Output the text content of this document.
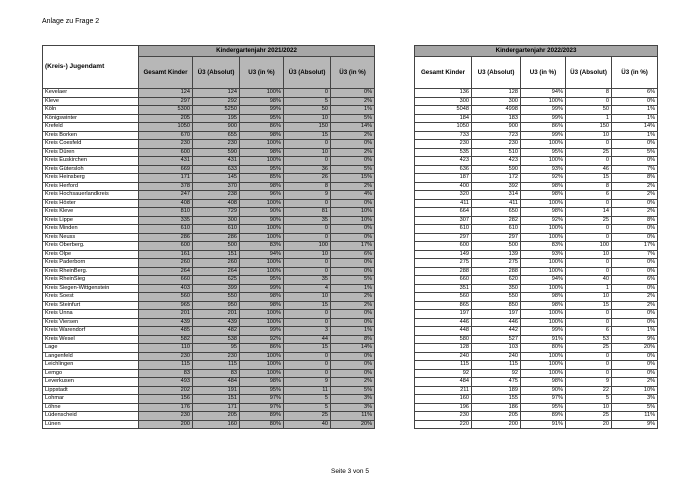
Anlage zu Frage 2
(Kreis-) Jugendamt	Kindergartenjahr 2021/2022				
	Gesamt Kinder	Ü3 (Absolut)	U3 (in %)	Ü3 (Absolut)	Ü3 (in %)
Kevelaer	124	124	100%	0	0%
Kleve	297	292	98%	5	2%
Köln	5300	5250	99%	50	1%
Königswinter	205	195	95%	10	5%
Krefeld	1050	900	86%	150	14%
Kreis Borken	670	655	98%	15	2%
Kreis Coesfeld	230	230	100%	0	0%
Kreis Düren	600	590	98%	10	2%
Kreis Euskirchen	431	431	100%	0	0%
Kreis Gütersloh	669	633	95%	36	5%
Kreis Heinsberg	171	145	85%	26	15%
Kreis Herford	378	370	98%	8	2%
Kreis Hochsauerlandkreis	247	238	96%	9	4%
Kreis Höxter	408	408	100%	0	0%
Kreis Kleve	810	729	90%	81	10%
Kreis Lippe	335	300	90%	35	10%
Kreis Minden	610	610	100%	0	0%
Kreis Neuss	286	286	100%	0	0%
Kreis Oberberg.	600	500	83%	100	17%
Kreis Olpe	161	151	94%	10	6%
Kreis Paderborn	260	260	100%	0	0%
Kreis RheinBerg.	264	264	100%	0	0%
Kreis RheinSieg	660	625	95%	35	5%
Kreis Siegen-Wittgenstein	403	399	99%	4	1%
Kreis Soest	560	550	98%	10	2%
Kreis Steinfurt	965	950	98%	15	2%
Kreis Unna	201	201	100%	0	0%
Kreis Viersen	439	439	100%	0	0%
Kreis Warendorf	485	482	99%	3	1%
Kreis Wesel	582	538	92%	44	8%
Lage	110	95	86%	15	14%
Langenfeld	230	230	100%	0	0%
Leichlingen	115	115	100%	0	0%
Lemgo	83	83	100%	0	0%
Leverkusen	493	484	98%	9	2%
Lippstadt	202	191	95%	11	5%
Lohmar	156	151	97%	5	3%
Löhne	176	171	97%	5	3%
Lüdenscheid	230	205	89%	25	11%
Lünen	200	160	80%	40	20%
Kindergartenjahr 2022/2023				
Gesamt Kinder	U3 (Absolut)	U3 (in %)	Ü3 (Absolut)	Ü3 (in %)
136	128	94%	8	6%
300	300	100%	0	0%
5048	4998	99%	50	1%
184	183	99%	1	1%
1050	900	86%	150	14%
733	723	99%	10	1%
230	230	100%	0	0%
535	510	95%	25	5%
423	423	100%	0	0%
636	590	93%	46	7%
187	172	92%	15	8%
400	392	98%	8	2%
320	314	98%	6	2%
411	411	100%	0	0%
664	650	98%	14	2%
307	282	92%	25	8%
610	610	100%	0	0%
297	297	100%	0	0%
600	500	83%	100	17%
149	139	93%	10	7%
275	275	100%	0	0%
288	288	100%	0	0%
660	620	94%	40	6%
351	350	100%	1	0%
560	550	98%	10	2%
865	850	98%	15	2%
197	197	100%	0	0%
446	446	100%	0	0%
448	442	99%	6	1%
580	527	91%	53	9%
128	103	80%	25	20%
240	240	100%	0	0%
115	115	100%	0	0%
92	92	100%	0	0%
484	475	98%	9	2%
211	189	90%	22	10%
160	155	97%	5	3%
196	186	95%	10	5%
230	205	89%	25	11%
220	200	91%	20	9%
Seite 3 von 5
